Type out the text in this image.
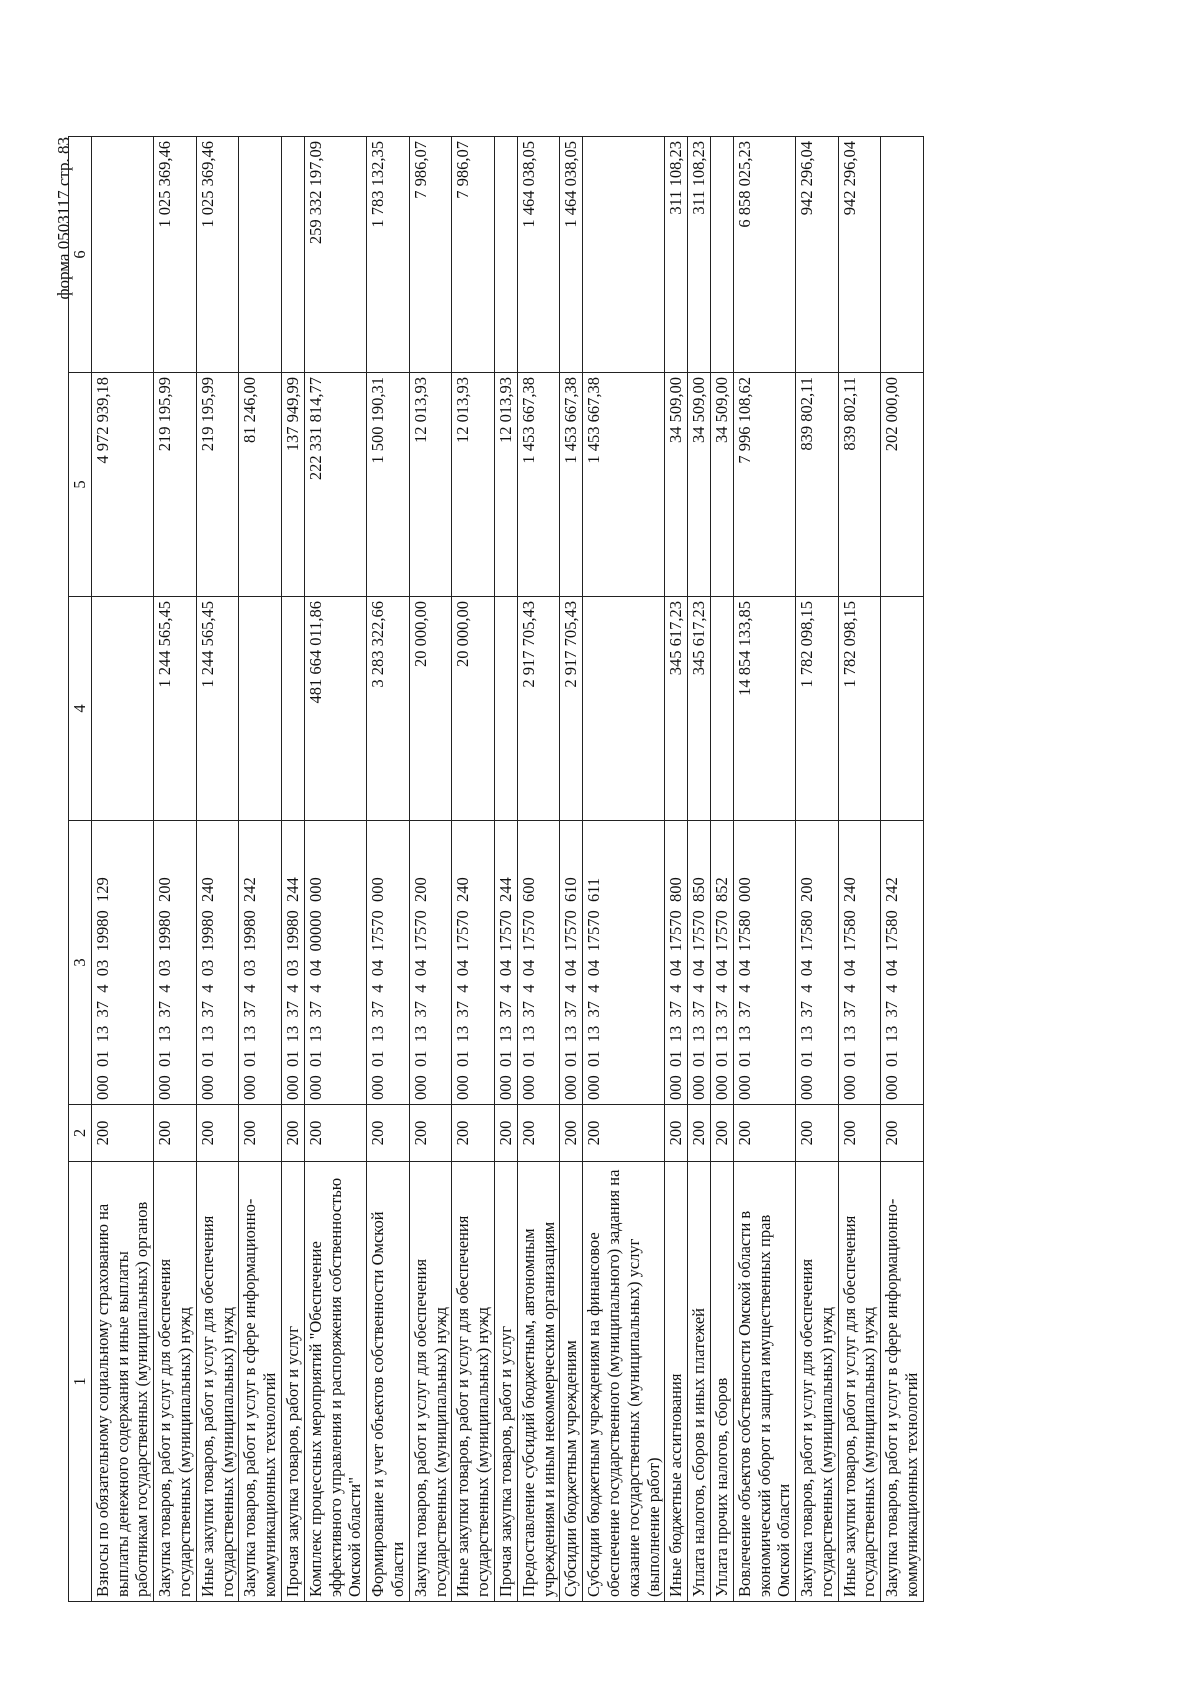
форма 0503117 стр. 83
1	2	3	4	5	6
Взносы по обязательному социальному страхованию на выплаты денежного содержания и иные выплаты работникам государственных (муниципальных) органов	200	000  01  13  37  4  03  19980  129		4 972 939,18	
Закупка товаров, работ и услуг для обеспечения государственных (муниципальных) нужд	200	000  01  13  37  4  03  19980  200	1 244 565,45	219 195,99	1 025 369,46
Иные закупки товаров, работ и услуг для обеспечения государственных (муниципальных) нужд	200	000  01  13  37  4  03  19980  240	1 244 565,45	219 195,99	1 025 369,46
Закупка товаров, работ и услуг в сфере информационно-коммуникационных технологий	200	000  01  13  37  4  03  19980  242		81 246,00	
Прочая закупка товаров, работ и услуг	200	000  01  13  37  4  03  19980  244		137 949,99	
Комплекс процессных мероприятий "Обеспечение эффективного управления и распоряжения собственностью Омской области"	200	000  01  13  37  4  04  00000  000	481 664 011,86	222 331 814,77	259 332 197,09
Формирование и учет объектов собственности Омской области	200	000  01  13  37  4  04  17570  000	3 283 322,66	1 500 190,31	1 783 132,35
Закупка товаров, работ и услуг для обеспечения государственных (муниципальных) нужд	200	000  01  13  37  4  04  17570  200	20 000,00	12 013,93	7 986,07
Иные закупки товаров, работ и услуг для обеспечения государственных (муниципальных) нужд	200	000  01  13  37  4  04  17570  240	20 000,00	12 013,93	7 986,07
Прочая закупка товаров, работ и услуг	200	000  01  13  37  4  04  17570  244		12 013,93	
Предоставление субсидий бюджетным, автономным учреждениям и иным некоммерческим организациям	200	000  01  13  37  4  04  17570  600	2 917 705,43	1 453 667,38	1 464 038,05
Субсидии бюджетным учреждениям	200	000  01  13  37  4  04  17570  610	2 917 705,43	1 453 667,38	1 464 038,05
Субсидии бюджетным учреждениям на финансовое обеспечение государственного (муниципального) задания на оказание государственных (муниципальных) услуг (выполнение работ)	200	000  01  13  37  4  04  17570  611		1 453 667,38	
Иные бюджетные ассигнования	200	000  01  13  37  4  04  17570  800	345 617,23	34 509,00	311 108,23
Уплата налогов, сборов и иных платежей	200	000  01  13  37  4  04  17570  850	345 617,23	34 509,00	311 108,23
Уплата прочих налогов, сборов	200	000  01  13  37  4  04  17570  852		34 509,00	
Вовлечение объектов собственности Омской области в экономический оборот и защита имущественных прав Омской области	200	000  01  13  37  4  04  17580  000	14 854 133,85	7 996 108,62	6 858 025,23
Закупка товаров, работ и услуг для обеспечения государственных (муниципальных) нужд	200	000  01  13  37  4  04  17580  200	1 782 098,15	839 802,11	942 296,04
Иные закупки товаров, работ и услуг для обеспечения государственных (муниципальных) нужд	200	000  01  13  37  4  04  17580  240	1 782 098,15	839 802,11	942 296,04
Закупка товаров, работ и услуг в сфере информационно-коммуникационных технологий	200	000  01  13  37  4  04  17580  242		202 000,00	
